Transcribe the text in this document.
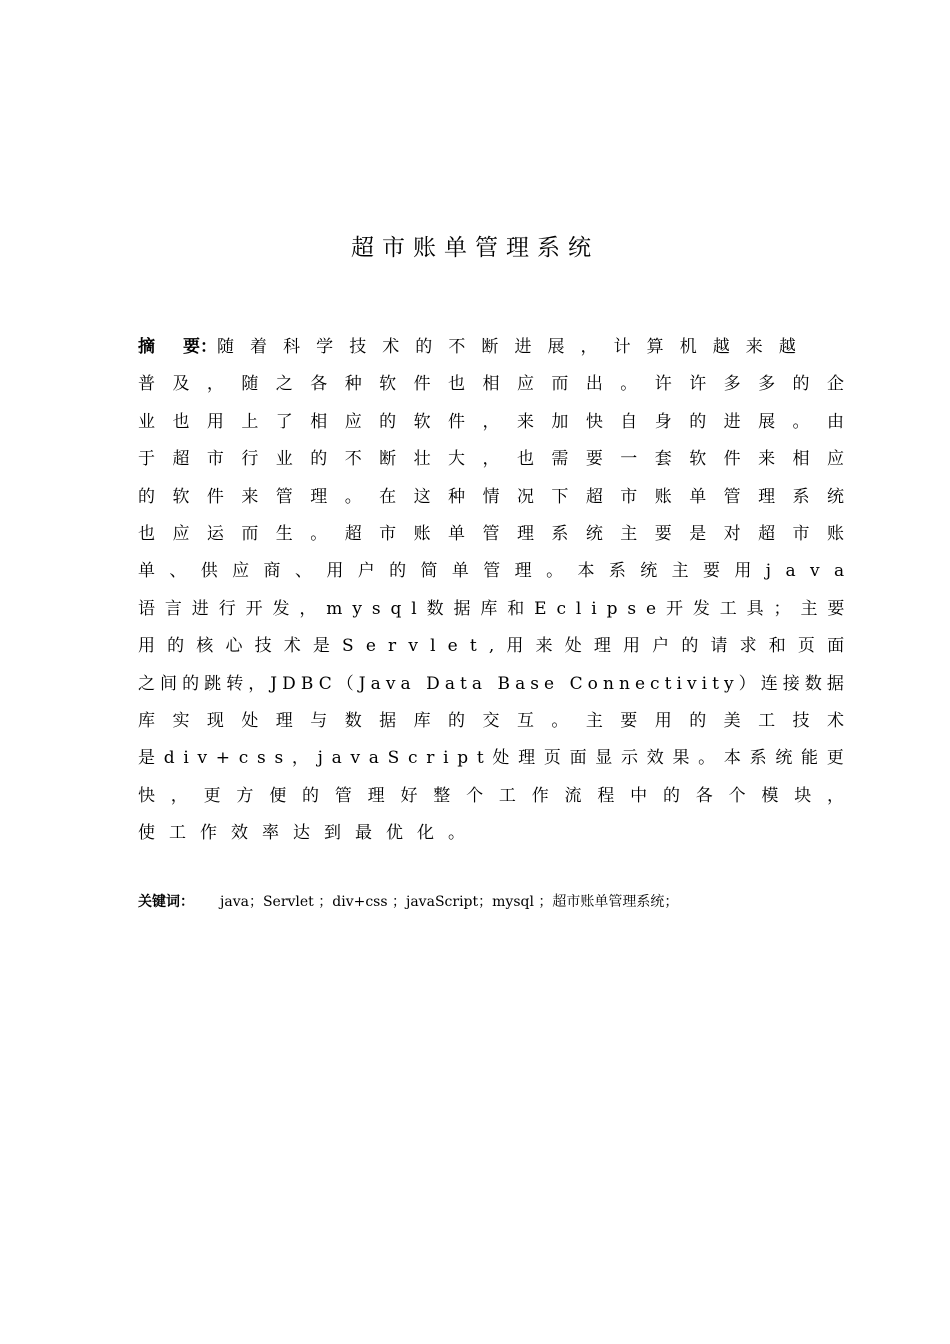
超市账单管理系统
摘 要：随着科学技术的不断进展，计算机越来越
普及，随之各种软件也相应而出。许许多多的企
业也用上了相应的软件，来加快自身的进展。由
于超市行业的不断壮大，也需要一套软件来相应
的软件来管理。在这种情况下超市账单管理系统
也应运而生。超市账单管理系统主要是对超市账
单、供应商、用户的简单管理。本系统主要用java
语言进行开发，mysql数据库和Eclipse开发工具；主要
用的核心技术是Servlet,用来处理用户的请求和页面
之间的跳转，JDBC（Java Data Base Connectivity）连接数据
库实现处理与数据库的交互。主要用的美工技术
是div+css，javaScript处理页面显示效果。本系统能更
快，更方便的管理好整个工作流程中的各个模块，
使工作效率达到最优化。

关键词： java；Servlet ；div+css ；javaScript；mysql ；超市账单管理系统；
